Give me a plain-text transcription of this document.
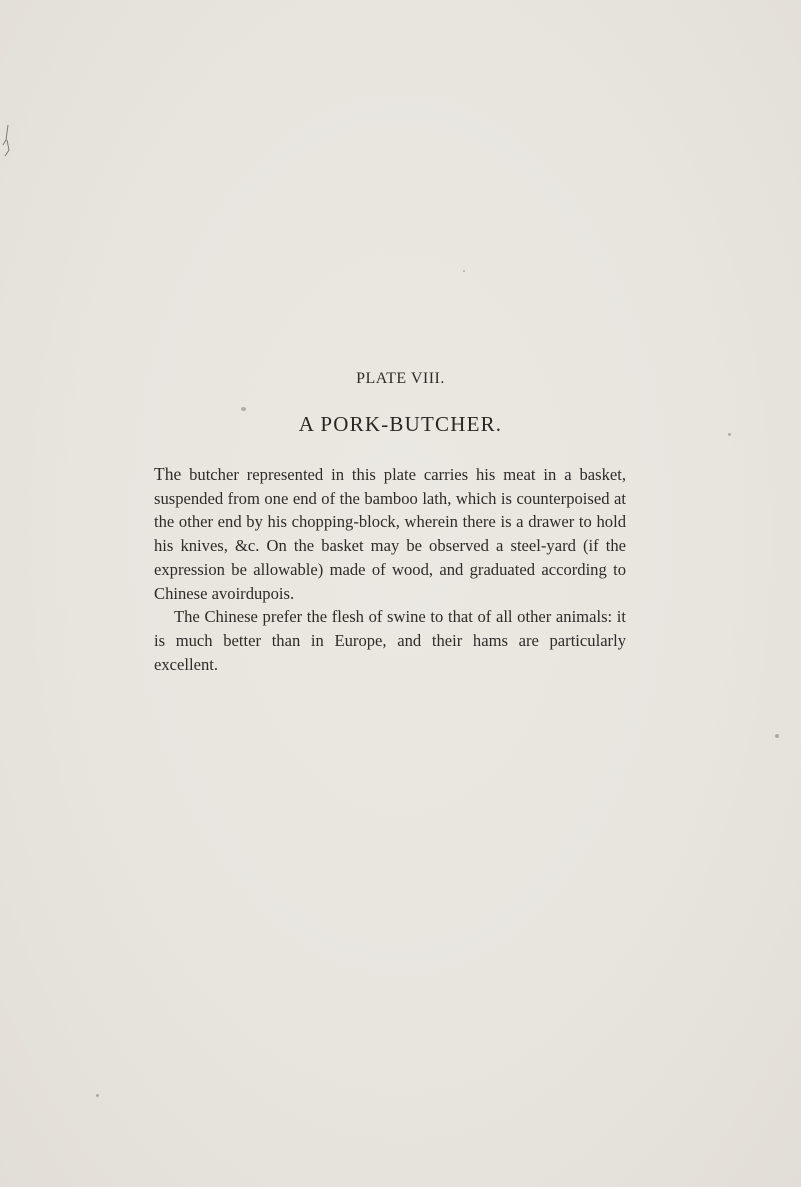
PLATE VIII.
A PORK-BUTCHER.

The butcher represented in this plate carries his meat in a basket, suspended from one end of the bamboo lath, which is counterpoised at the other end by his chopping-block, wherein there is a drawer to hold his knives, &c. On the basket may be observed a steel-yard (if the expression be allowable) made of wood, and graduated according to Chinese avoirdupois.

The Chinese prefer the flesh of swine to that of all other animals: it is much better than in Europe, and their hams are particularly excellent.
